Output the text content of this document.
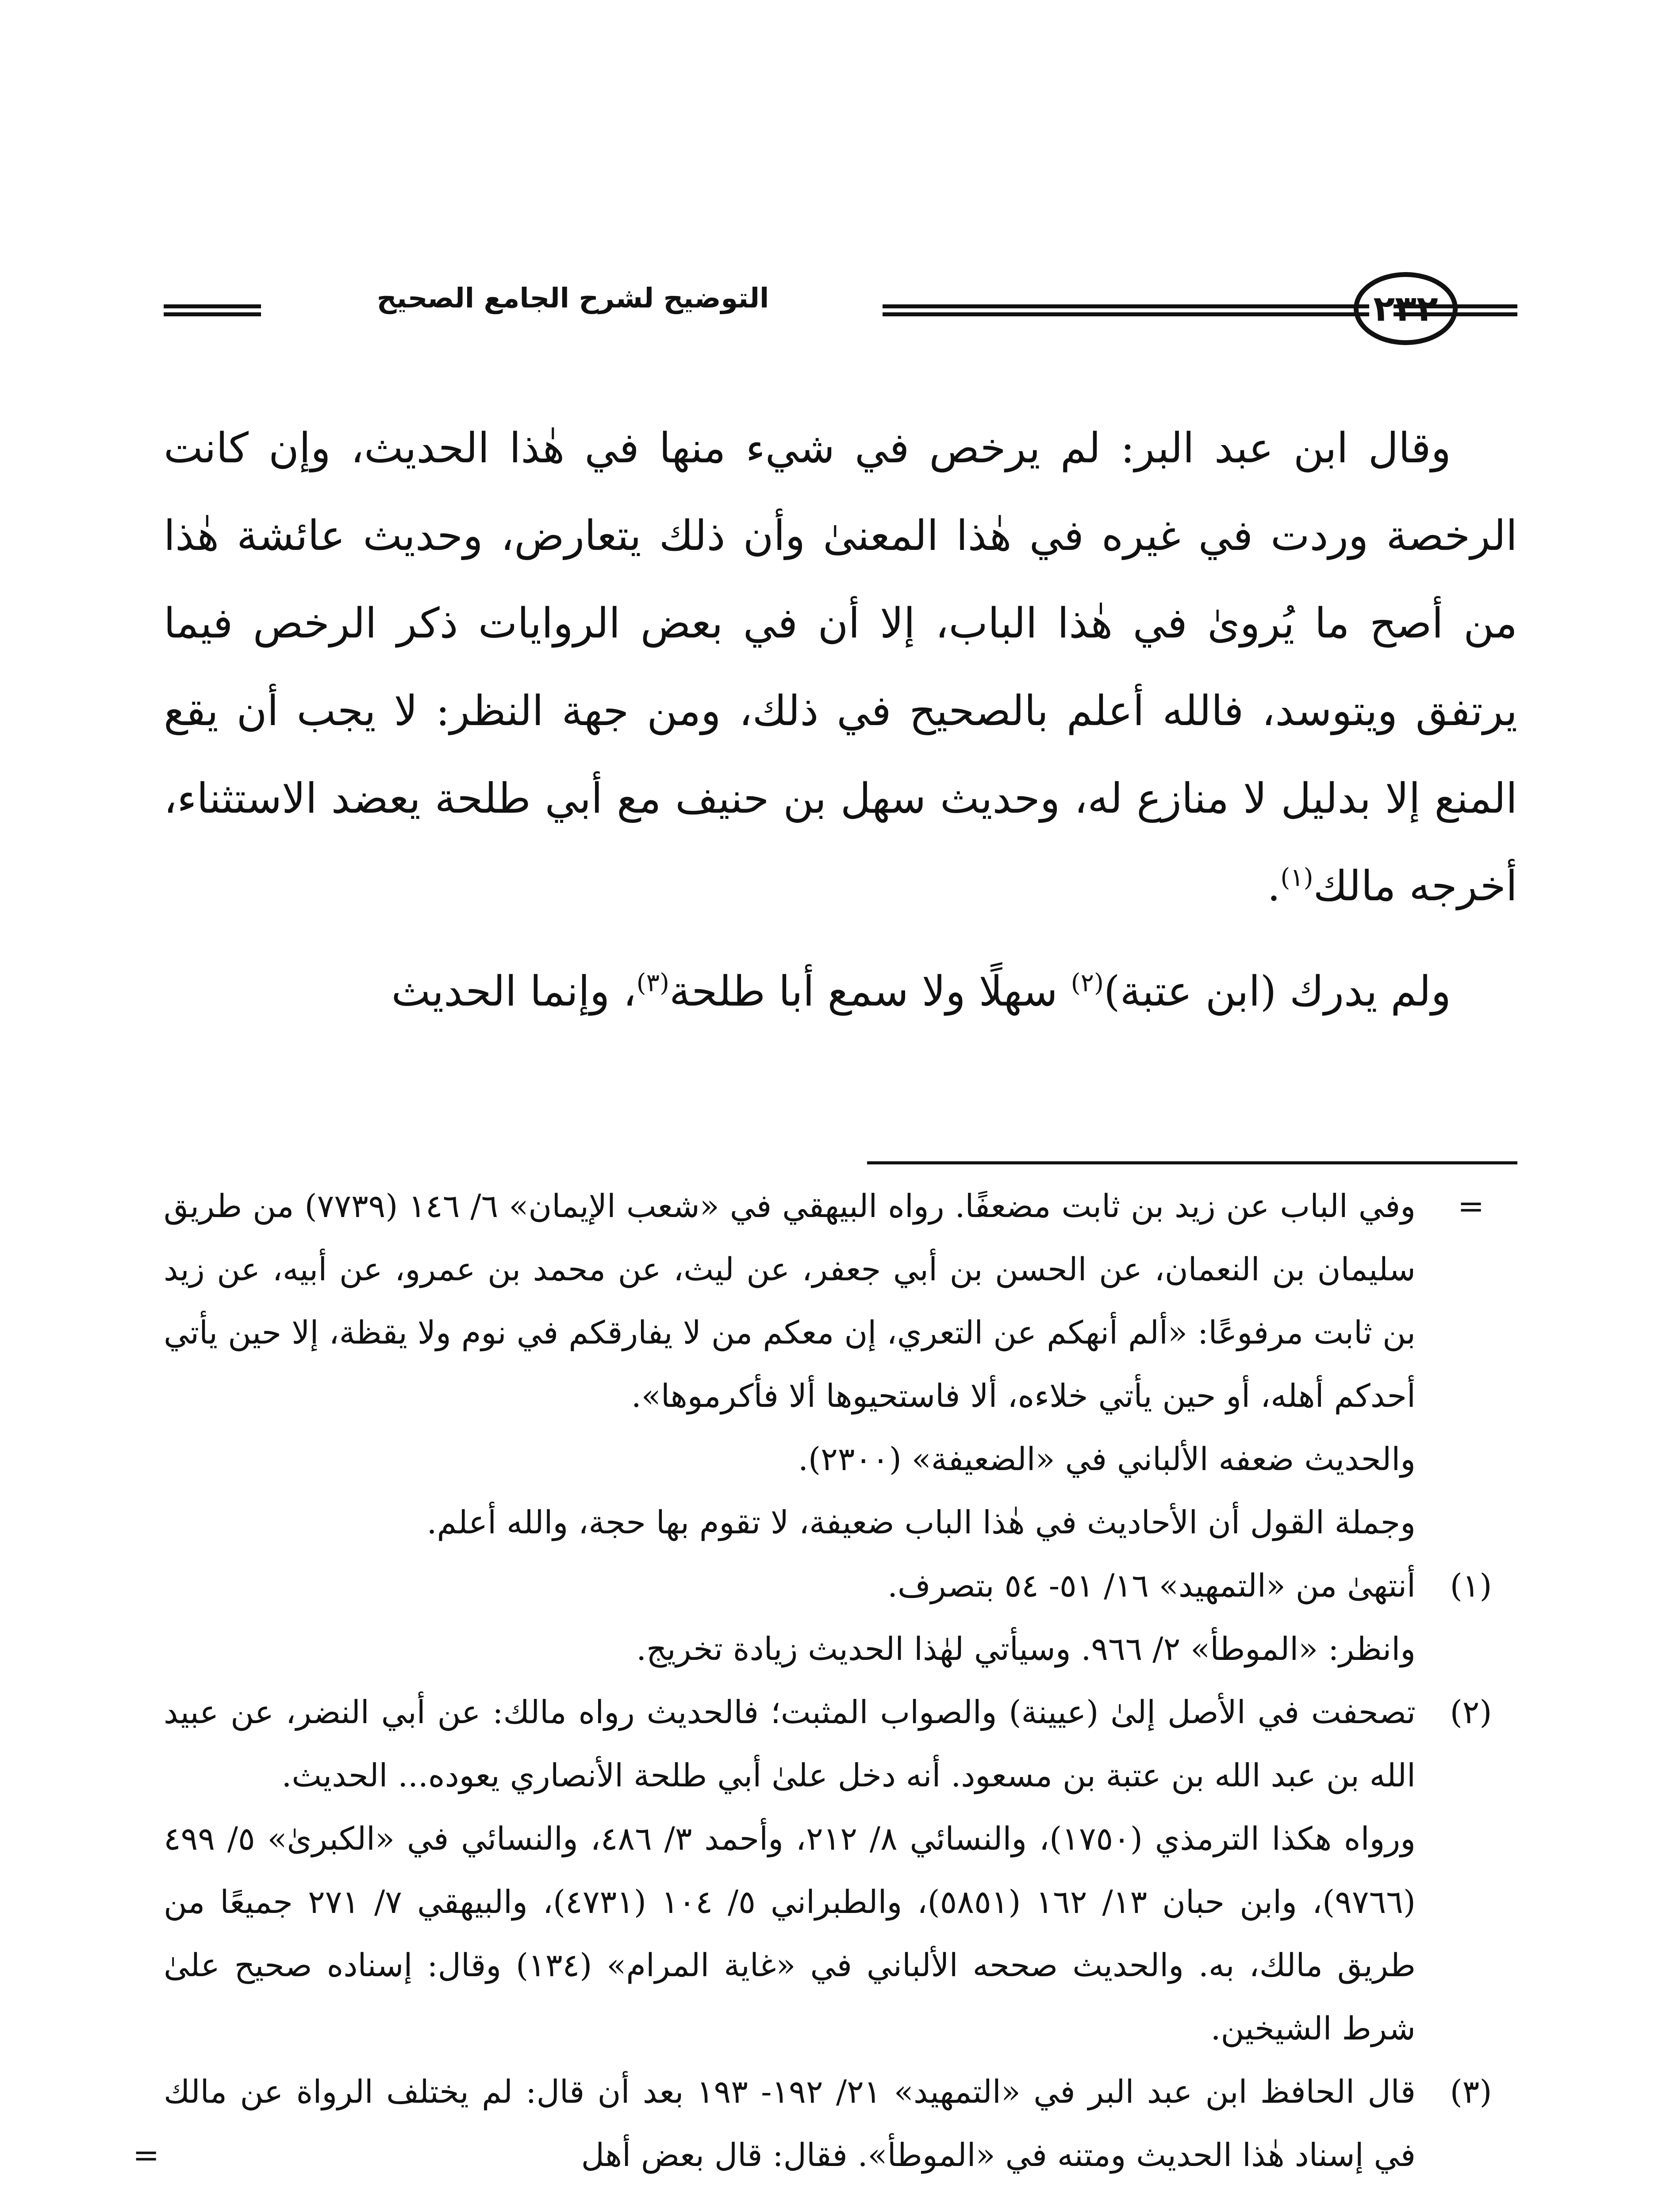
التوضيح لشرح الجامع الصحيح	٢٣٢

وقال ابن عبد البر: لم يرخص في شيء منها في هٰذا الحديث، وإن كانت الرخصة وردت في غيره في هٰذا المعنىٰ وأن ذلك يتعارض، وحديث عائشة هٰذا من أصح ما يُروىٰ في هٰذا الباب، إلا أن في بعض الروايات ذكر الرخص فيما يرتفق ويتوسد، فالله أعلم بالصحيح في ذلك، ومن جهة النظر: لا يجب أن يقع المنع إلا بدليل لا منازع له، وحديث سهل بن حنيف مع أبي طلحة يعضد الاستثناء، أخرجه مالك$^{(١)}$.

ولم يدرك (ابن عتبة)$^{(٢)}$ سهلًا ولا سمع أبا طلحة$^{(٣)}$، وإنما الحديث

=

وفي الباب عن زيد بن ثابت مضعفًا. رواه البيهقي في «شعب الإيمان» ٦/ ١٤٦ (٧٧٣٩) من طريق سليمان بن النعمان، عن الحسن بن أبي جعفر، عن ليث، عن محمد بن عمرو، عن أبيه، عن زيد بن ثابت مرفوعًا: «ألم أنهكم عن التعري، إن معكم من لا يفارقكم في نوم ولا يقظة، إلا حين يأتي أحدكم أهله، أو حين يأتي خلاءه، ألا فاستحيوها ألا فأكرموها».

والحديث ضعفه الألباني في «الضعيفة» (٢٣٠٠).

وجملة القول أن الأحاديث في هٰذا الباب ضعيفة، لا تقوم بها حجة، والله أعلم.

(١)

أنتهىٰ من «التمهيد» ١٦/ ٥١- ٥٤ بتصرف.

وانظر: «الموطأ» ٢/ ٩٦٦. وسيأتي لهٰذا الحديث زيادة تخريج.

(٢)

تصحفت في الأصل إلىٰ (عيينة) والصواب المثبت؛ فالحديث رواه مالك: عن أبي النضر، عن عبيد الله بن عبد الله بن عتبة بن مسعود. أنه دخل علىٰ أبي طلحة الأنصاري يعوده... الحديث.

ورواه هكذا الترمذي (١٧٥٠)، والنسائي ٨/ ٢١٢، وأحمد ٣/ ٤٨٦، والنسائي في «الكبرىٰ» ٥/ ٤٩٩ (٩٧٦٦)، وابن حبان ١٣/ ١٦٢ (٥٨٥١)، والطبراني ٥/ ١٠٤ (٤٧٣١)، والبيهقي ٧/ ٢٧١ جميعًا من طريق مالك، به. والحديث صححه الألباني في «غاية المرام» (١٣٤) وقال: إسناده صحيح علىٰ شرط الشيخين.

(٣)

قال الحافظ ابن عبد البر في «التمهيد» ٢١/ ١٩٢- ١٩٣ بعد أن قال: لم يختلف الرواة عن مالك في إسناد هٰذا الحديث ومتنه في «الموطأ». فقال: قال بعض أهل

=
